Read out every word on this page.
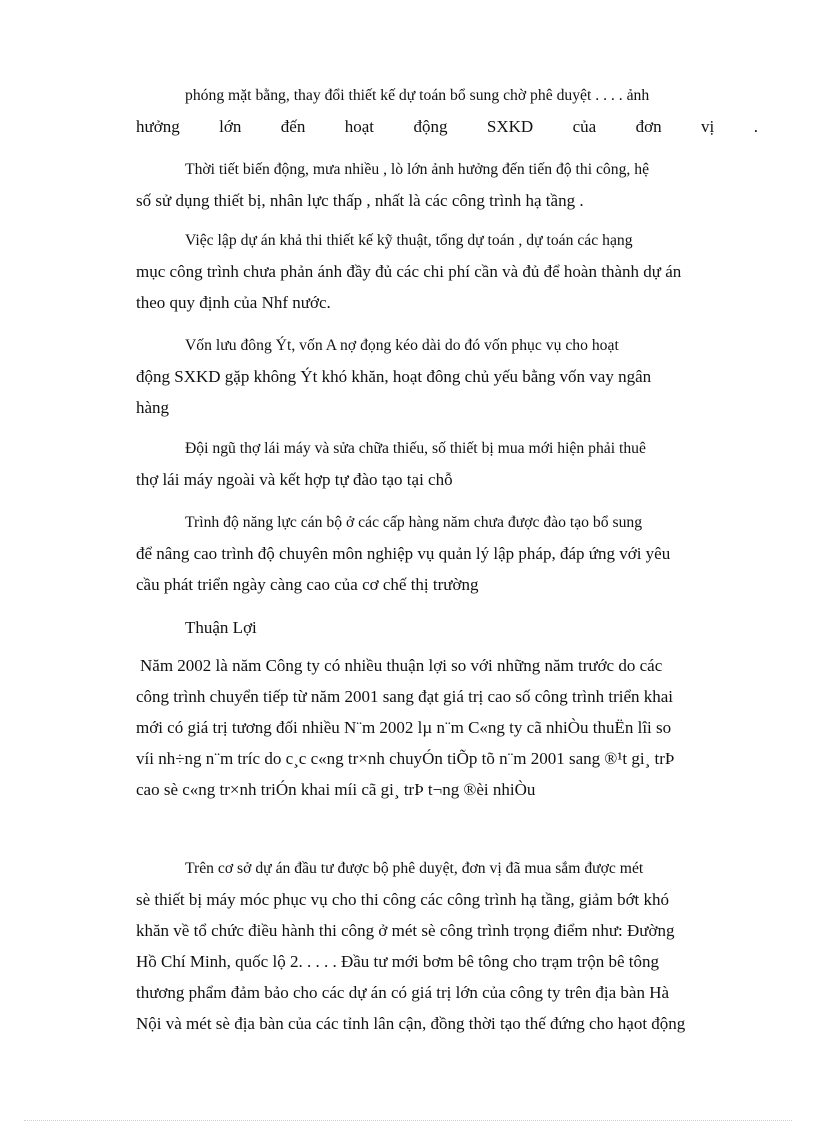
phóng mặt bằng, thay đổi thiết kế dự toán bổ sung chờ phê duyệt . . . . ảnh
hưởng lớn đến hoạt động SXKD của đơn vị .

Thời tiết biến động, mưa nhiều , lò lớn ảnh hưởng đến tiến độ thi công, hệ
số sử dụng thiết bị, nhân lực thấp , nhất là các công trình hạ tầng .

Việc lập dự án khả thi thiết kế kỹ thuật, tổng dự toán , dự toán các hạng
mục công trình chưa phản ánh đầy đủ các chi phí cần và đủ để hoàn thành dự án
theo quy định của Nhf nước.

Vốn lưu đông Ýt, vốn A nợ đọng kéo dài do đó vốn phục vụ cho hoạt
động SXKD gặp không Ýt khó khăn, hoạt đông chủ yếu bằng vốn vay ngân
hàng

Đội ngũ thợ lái máy và sửa chữa thiếu, số thiết bị mua mới hiện phải thuê
thợ lái máy ngoài và kết hợp tự đào tạo tại chỗ

Trình độ năng lực cán bộ ở các cấp hàng năm chưa được đào tạo bổ sung
để nâng cao trình độ chuyên môn nghiệp vụ quản lý lập pháp, đáp ứng với yêu
cầu phát triển ngày càng cao của cơ chế thị trường

Thuận Lợi

Năm 2002 là năm Công ty có nhiều thuận lợi so với những năm trước do các
công trình chuyển tiếp từ năm 2001 sang đạt giá trị cao số công trình triển khai
mới có giá trị tương đối nhiều N¨m 2002 lµ n¨m C«ng ty cã nhiÒu thuËn lîi so
víi nh÷ng n¨m tríc do c¸c c«ng tr×nh chuyÓn tiÕp tõ n¨m 2001 sang ®¹t gi¸ trÞ
cao sè c«ng tr×nh triÓn khai míi cã gi¸ trÞ t¬ng ®èi nhiÒu

Trên cơ sở dự án đầu tư được bộ phê duyệt, đơn vị đã mua sắm được mét
sè thiết bị máy móc phục vụ cho thi công các công trình hạ tầng, giảm bớt khó
khăn về tổ chức điều hành thi công ở mét sè công trình trọng điểm như: Đường
Hồ Chí Minh, quốc lộ 2. . . . . Đầu tư mới bơm bê tông cho trạm trộn bê tông
thương phẩm đảm bảo cho các dự án có giá trị lớn của công ty trên địa bàn Hà
Nội và mét sè địa bàn của các tỉnh lân cận, đồng thời tạo thế đứng cho hạot động
